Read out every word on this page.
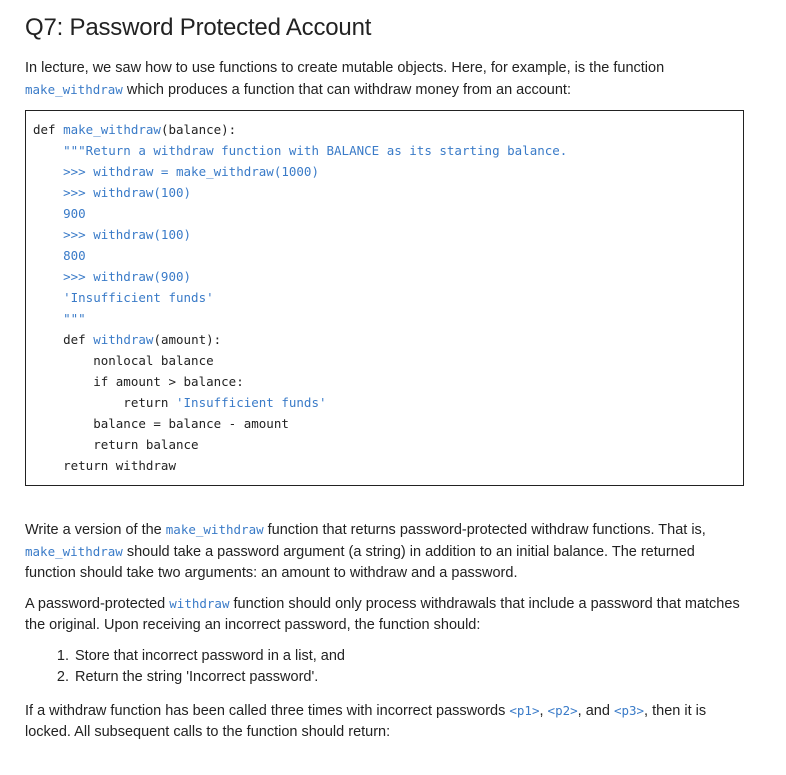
Q7: Password Protected Account

In lecture, we saw how to use functions to create mutable objects. Here, for example, is the function make_withdraw which produces a function that can withdraw money from an account:

def make_withdraw(balance):
"""Return a withdraw function with BALANCE as its starting balance.
>>> withdraw = make_withdraw(1000)
>>> withdraw(100)
900
>>> withdraw(100)
800
>>> withdraw(900)
'Insufficient funds'
"""
def withdraw(amount):
nonlocal balance
if amount > balance:
return 'Insufficient funds'
balance = balance - amount
return balance
return withdraw

Write a version of the make_withdraw function that returns password-protected withdraw functions. That is, make_withdraw should take a password argument (a string) in addition to an initial balance. The returned function should take two arguments: an amount to withdraw and a password.

A password-protected withdraw function should only process withdrawals that include a password that matches the original. Upon receiving an incorrect password, the function should:

1. Store that incorrect password in a list, and
2. Return the string 'Incorrect password'.

If a withdraw function has been called three times with incorrect passwords <p1>, <p2>, and <p3>, then it is locked. All subsequent calls to the function should return:
